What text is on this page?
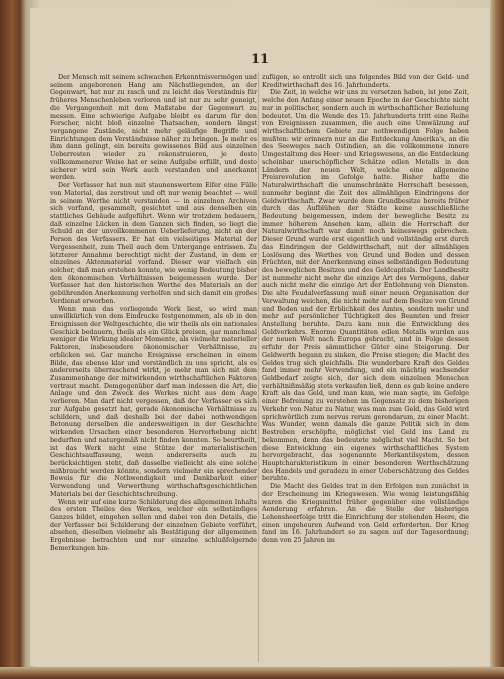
11

Der Mensch mit seinem schwachen Erkenntnisvermögen und seinem angeborenen Hang am Nächstliegenden, an der Gegenwart, hat nur zu rasch und zu leicht das Verständnis für früheres Menschenleben verloren und ist nur zu sehr geneigt, die Vergangenheit mit dem Maßstabe der Gegenwart zu messen. Eine schwierige Aufgabe bleibt es darum für den Forscher, nicht bloß einzelne Thatsachen, sondern längst vergangene Zustände, nicht mehr geläufige Begriffe und Einrichtungen dem Verständnisse näher zu bringen. Je mehr es ihm dann gelingt, ein bereits gewissenes Bild aus einzelnen Ueberresten wieder zu rekonstruieren, je desto vollkommenerer Weise hat er seine Aufgabe erfüllt, und desto sicherer wird sein Werk auch verstanden und anerkannt werden.

Der Verfasser hat nun mit staunenswertem Eifer eine Fülle von Material, das zerstreut und oft nur wenig beachtet — weil in seinem Werthe nicht verstanden — in einzelnen Archiven sich vorfand, gesammelt, gesichtet und aus denselben ein stattliches Gebäude aufgeführt. Wenn wir trotzdem bedauern, daß einzelne Lücken in dem Ganzen sich finden, so liegt die Schuld an der unvollkommenen Ueberlieferung, nicht an der Person des Verfassers. Er hat ein vielseitiges Material der Vergessenheit, zum Theil auch dem Untergange entrissen. Zu letzterer Annahme berechtigt nicht der Zustand, in dem er einzelnes Aktenmaterial vorfand. Dieser war vielfach ein solcher, daß man erstehen konnte, wie wenig Bedeutung bisher den ökonomischen Verhältnissen beigemessen wurde. Der Verfasser hat den historischen Werthe des Materials an der gebührenden Anerkennung verholfen und sich damit ein großes Verdienst erworben.

Wenn man das vorliegende Werk liest, so wird man unwillkürlich von dem Eindrucke festgenommen, als ob in den Ereignissen der Weltgeschichte, die wir theils als ein nationales Geschick bedauern, theils als ein Glück preisen, gar manchmal weniger die Wirkung idealer Momente, als vielmehr materieller Faktoren, insbesondere ökonomischer Verhältnisse, zu erblicken sei. Gar manche Ereignisse erscheinen in einem Bilde, das ebenso klar und verständlich zu uns spricht, als es andererseits überraschend wirkt, je mehr man sich mit dem Zusammenhange der mitwirkenden wirthschaftlichen Faktoren vertraut macht. Demgegenüber darf man indessen die Art, die Anlage und den Zweck des Werkes nicht aus dem Auge verlieren. Man darf nicht vergessen, daß der Verfasser es sich zur Aufgabe gesetzt hat, gerade ökonomische Verhältnisse zu schildern, und daß deshalb bei der dabei nothwendigen Betonung derselben die andersweitigen in der Geschichte wirkenden Ursachen einer besonderen Hervorhebung nicht bedurften und naturgemäß nicht finden konnten. So beurtheilt, ist das Werk nicht eine Stütze der materialistischen Geschichtsauffassung, wenn andererseits auch zu berücksichtigen steht, daß dasselbe vielleicht als eine solche mißbraucht werden könnte, sondern vielmehr ein sprechender Beweis für die Nothwendigkeit und Dankbarkeit einer Verwendung und Verwerthung wirthschaftsgeschichtlichen Materials bei der Geschichtschreibung.

Wenn wir auf eine kurze Schilderung des allgemeinen Inhalts des ersten Theiles des Werkes, welcher ein selbständiges Ganzes bildet, eingehen sollen und dabei von den Details, die der Verfasser bei Schilderung der einzelnen Gebiete vorführt, absehen, dieselben vielmehr als Bestätigung der allgemeinen Ergebnisse betrachten und nur einzelne schlußfolgernde Bemerkungen hin-

zufügen, so entrollt sich uns folgendes Bild von der Geld- und Kreditwirthschaft des 16. Jahrhunderts.

Die Zeit, in welche wir uns zu versetzen haben, ist jene Zeit, welche den Anfang einer neuen Epoche in der Geschichte nicht nur in politischer, sondern auch in wirthschaftlicher Beziehung bedeutet. Um die Wende des 15. Jahrhunderts tritt eine Reihe von Ereignissen zusammen, die auch eine Umwälzung auf wirthschaftlichem Gebiete zur nothwendigen Folge haben mußten: wir erinnern nur an die Entdeckung Amerika's, an die des Seeweges nach Ostindien, an die vollkommene innere Umgestaltung des Heer- und Kriegswesens, an die Entdeckung scheinbar unerschöpflicher Schätze edlen Metalls in den Ländern der neuen Welt, welche eine allgemeine Preisrevolution im Gefolge hatte. Bisher hatte die Naturalwirthschaft die unumschränkte Herrschaft besessen, nunmehr beginnt die Zeit des allmähligen Eindringens der Geldwirthschaft. Zwar wurde dem Grundbesitze bereits früher durch das Aufblühen der Städte keine ausschließliche Bedeutung beigemessen, indem der bewegliche Besitz zu immer höherem Ansehen kam, allein die Herrschaft der Naturalwirthschaft war damit noch keineswegs gebrochen. Dieser Grund wurde erst eigentlich und vollständig erst durch das Eindringen der Geldwirthschaft, mit der allmähligen Loslösung des Werthes von Grund und Boden und dessen Früchten, mit der Anerkennung eines selbständigen Bedeutung des beweglichen Besitzes und des Geldcapitals. Der Landbesitz ist nunmehr nicht mehr die einzige Art des Vermögens, daher auch nicht mehr die einzige Art der Entlohnung von Diensten. Die alte Feudalverfassung muß einer neuen Organisation der Verwaltung weichen, die nicht mehr auf dem Besitze von Grund und Boden und der Erblichkeit des Amtes, sondern mehr und mehr auf persönlicher Tüchtigkeit des Beamten und freier Anstellung beruhte. Dazu kam nun die Entwicklung des Geldverkehrs. Enorme Quantitäten edlen Metalls wurden aus der neuen Welt nach Europa gebracht, und in Folge dessen erfuhr der Preis sämmtlicher Güter eine Steigerung. Der Geldwerth begann zu sinken, die Preise stiegen; die Macht des Geldes trug sich gleichfalls. Die wunderbare Kraft des Geldes fand immer mehr Verwendung, und ein mächtig wachsender Geldbedarf zeigte sich, der sich dem einzelnen Menschen verhältnißmäßig stets verkaufen ließ, denn es gab keine andere Kraft als das Geld, und man kam, wie man sagte, im Gefolge einer Befreiung zu verstehen im Gegensatz zu dem bisherigen Verkehr von Natur zu Natur, was man zum Geld, das Geld wird sprichwörtlich zum nervus rerum gerendarum, zu einer Macht. Was Wunder, wenn damals die ganze Politik sich in dem Bestreben erschöpfte, möglichst viel Geld ins Land zu bekommen, denn das bedeutete möglichst viel Macht. So bot diese Entwicklung ein eigenes wirthschaftliches System hervorgebracht, das sogenannte Merkantilsystem, dessen Hauptcharakteristikum in einer besonderen Werthschätzung des Handels und geradezu in einer Ueberschätzung des Geldes beruhte.

Die Macht des Geldes trat in den Erfolgen nun zunächst in der Erscheinung im Kriegswesen. Wie wenig leistungsfähig waren die Kriegsmittel früher gegenüber eine vollständige Aenderung erfahren. An die Stelle der bisherigen Lehensheerfolge tritt die Einrichtung der stehenden Heere, die einen ungeheuren Aufwand von Geld erforderten. Der Krieg fand im 16. Jahrhundert so zu sagen auf der Tagesordnung; denn von 25 Jahren im
